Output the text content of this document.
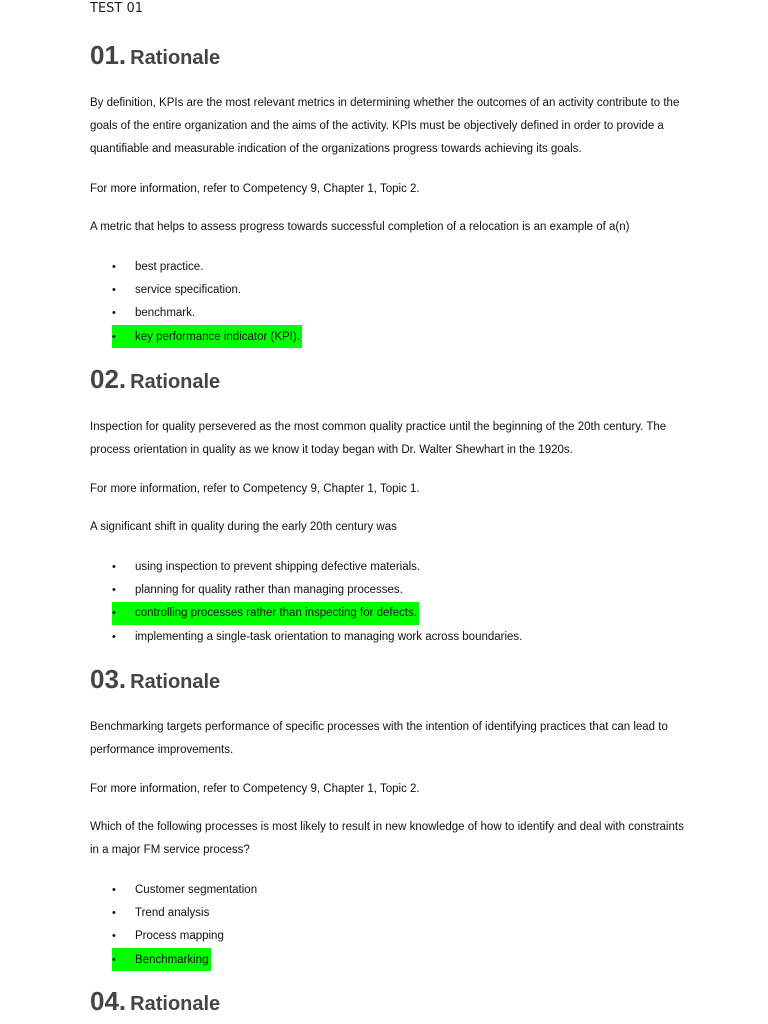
TEST 01
01. Rationale

By definition, KPIs are the most relevant metrics in determining whether the outcomes of an activity contribute to the goals of the entire organization and the aims of the activity. KPIs must be objectively defined in order to provide a quantifiable and measurable indication of the organizations progress towards achieving its goals.

For more information, refer to Competency 9, Chapter 1, Topic 2.

A metric that helps to assess progress towards successful completion of a relocation is an example of a(n)

•	best practice.
•	service specification.
•	benchmark.
•	key performance indicator (KPI).
02. Rationale

Inspection for quality persevered as the most common quality practice until the beginning of the 20th century. The process orientation in quality as we know it today began with Dr. Walter Shewhart in the 1920s.

For more information, refer to Competency 9, Chapter 1, Topic 1.

A significant shift in quality during the early 20th century was

•	using inspection to prevent shipping defective materials.
•	planning for quality rather than managing processes.
•	controlling processes rather than inspecting for defects.
•	implementing a single-task orientation to managing work across boundaries.
03. Rationale

Benchmarking targets performance of specific processes with the intention of identifying practices that can lead to performance improvements.

For more information, refer to Competency 9, Chapter 1, Topic 2.

Which of the following processes is most likely to result in new knowledge of how to identify and deal with constraints in a major FM service process?

•	Customer segmentation
•	Trend analysis
•	Process mapping
•	Benchmarking
04. Rationale
